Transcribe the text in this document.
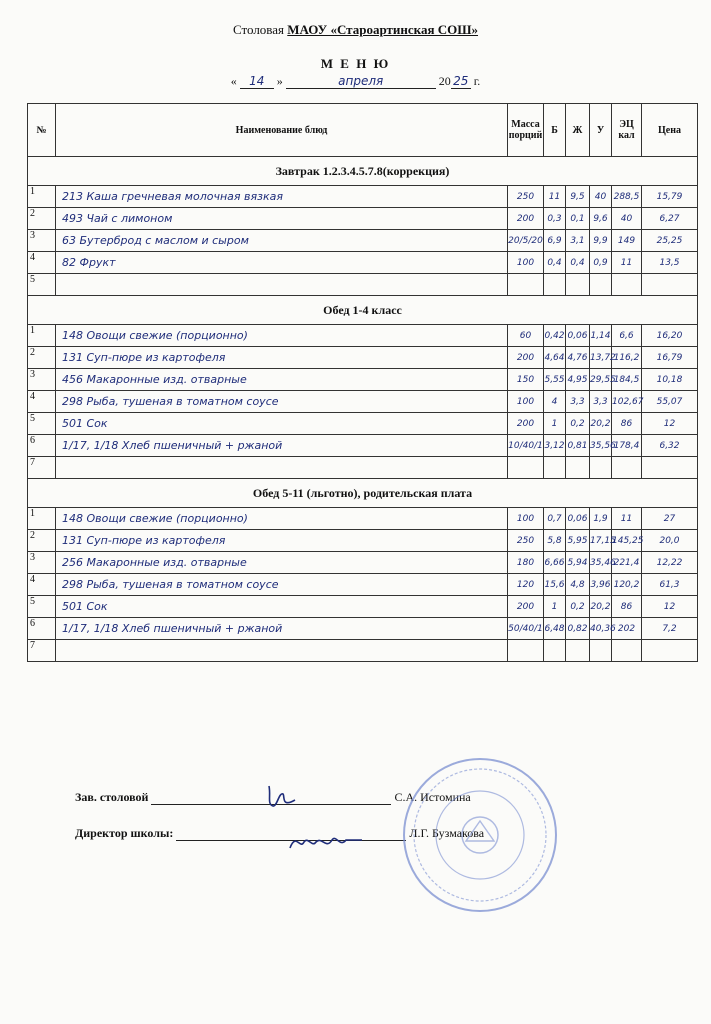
Столовая МАОУ «Староартинская СОШ»
М Е Н Ю
« 14 »	апреля	20 25 г.
№	Наименование блюд	Масса порций	Б	Ж	У	ЭЦ кал	Цена
Завтрак 1.2.3.4.5.7.8(коррекция)							
1	213 Каша гречневая молочная вязкая	250	11	9,5	40	288,5	15,79
2	493 Чай с лимоном	200	0,3	0,1	9,6	40	6,27
3	63 Бутерброд с маслом и сыром	20/5/20	6,9	3,1	9,9	149	25,25
4	82 Фрукт	100	0,4	0,4	0,9	11	13,5
5							
Обед 1-4 класс							
1	148 Овощи свежие (порционно)	60	0,42	0,06	1,14	6,6	16,20
2	131 Суп-пюре из картофеля	200	4,64	4,76	13,72	116,2	16,79
3	456 Макаронные изд. отварные	150	5,55	4,95	29,55	184,5	10,18
4	298 Рыба, тушеная в томатном соусе	100	4	3,3	3,3	102,67	55,07
5	501 Сок	200	1	0,2	20,2	86	12
6	1/17, 1/18 Хлеб пшеничный + ржаной	10/40/1	3,12	0,81	35,56	178,4	6,32
7							
Обед 5-11 (льготно), родительская плата							
1	148 Овощи свежие (порционно)	100	0,7	0,06	1,9	11	27
2	131 Суп-пюре из картофеля	250	5,8	5,95	17,15	145,25	20,0
3	256 Макаронные изд. отварные	180	6,66	5,94	35,46	221,4	12,22
4	298 Рыба, тушеная в томатном соусе	120	15,6	4,8	3,96	120,2	61,3
5	501 Сок	200	1	0,2	20,2	86	12
6	1/17, 1/18 Хлеб пшеничный + ржаной	50/40/1	6,48	0,82	40,36	202	7,2
7							
Зав. столовой	С.А. Истомина
Директор школы:	Л.Г. Бузмакова
